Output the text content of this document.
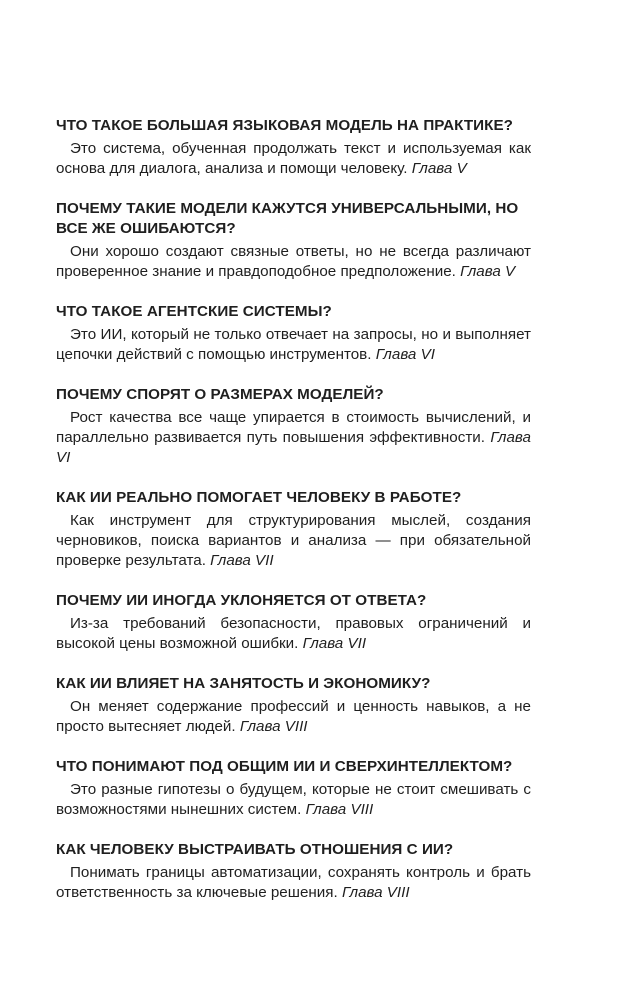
ЧТО ТАКОЕ БОЛЬШАЯ ЯЗЫКОВАЯ МОДЕЛЬ НА ПРАКТИКЕ?

Это система, обученная продолжать текст и используемая как основа для диалога, анализа и помощи человеку. Глава V

ПОЧЕМУ ТАКИЕ МОДЕЛИ КАЖУТСЯ УНИВЕРСАЛЬНЫМИ, НО ВСЕ ЖЕ ОШИБАЮТСЯ?

Они хорошо создают связные ответы, но не всегда различают проверенное знание и правдоподобное предположение. Глава V

ЧТО ТАКОЕ АГЕНТСКИЕ СИСТЕМЫ?

Это ИИ, который не только отвечает на запросы, но и выполняет цепочки действий с помощью инструментов. Глава VI

ПОЧЕМУ СПОРЯТ О РАЗМЕРАХ МОДЕЛЕЙ?

Рост качества все чаще упирается в стоимость вычислений, и параллельно развивается путь повышения эффективности. Глава VI

КАК ИИ РЕАЛЬНО ПОМОГАЕТ ЧЕЛОВЕКУ В РАБОТЕ?

Как инструмент для структурирования мыслей, создания черновиков, поиска вариантов и анализа — при обязательной проверке результата. Глава VII

ПОЧЕМУ ИИ ИНОГДА УКЛОНЯЕТСЯ ОТ ОТВЕТА?

Из-за требований безопасности, правовых ограничений и высокой цены возможной ошибки. Глава VII

КАК ИИ ВЛИЯЕТ НА ЗАНЯТОСТЬ И ЭКОНОМИКУ?

Он меняет содержание профессий и ценность навыков, а не просто вытесняет людей. Глава VIII

ЧТО ПОНИМАЮТ ПОД ОБЩИМ ИИ И СВЕРХИНТЕЛЛЕКТОМ?

Это разные гипотезы о будущем, которые не стоит смешивать с возможностями нынешних систем. Глава VIII

КАК ЧЕЛОВЕКУ ВЫСТРАИВАТЬ ОТНОШЕНИЯ С ИИ?

Понимать границы автоматизации, сохранять контроль и брать ответственность за ключевые решения. Глава VIII
